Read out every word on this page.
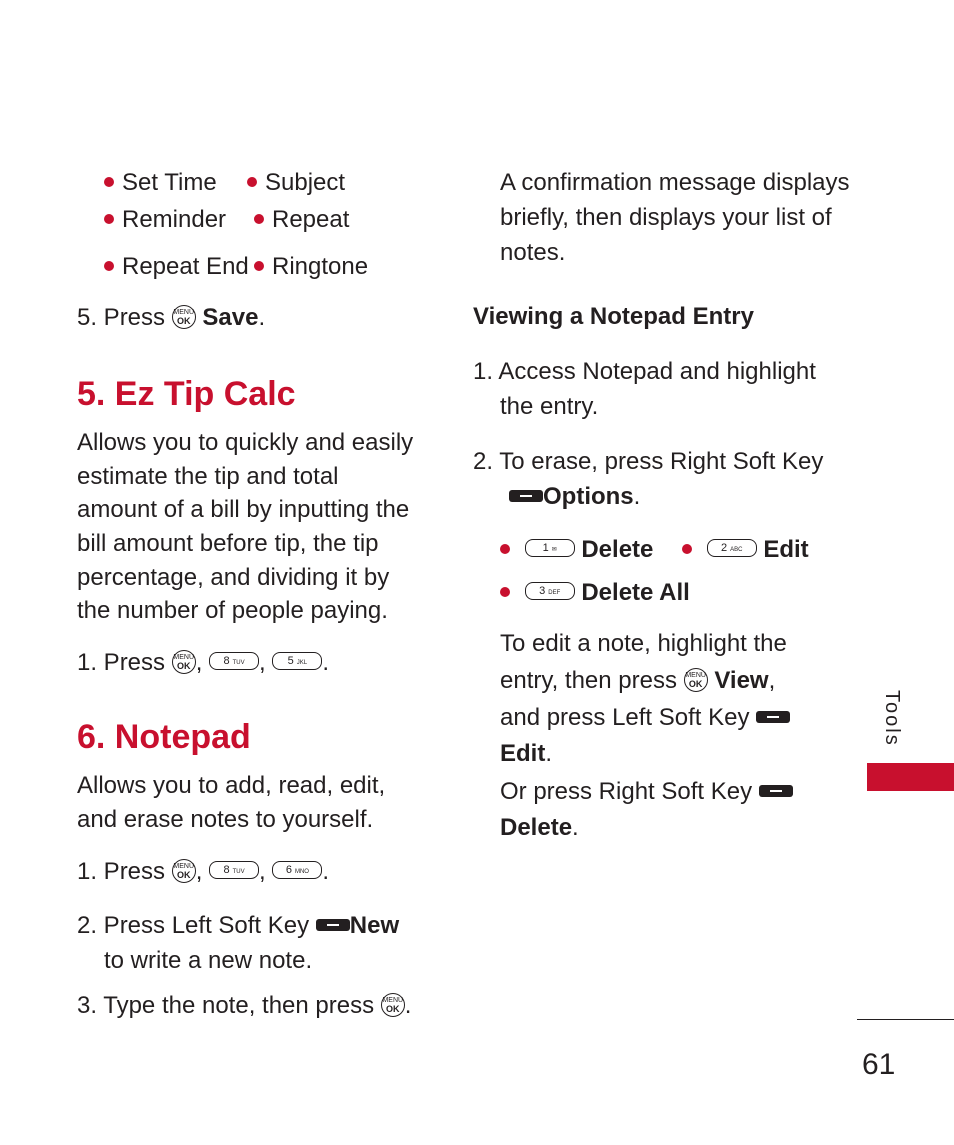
Set Time	Subject
Reminder	Repeat
Repeat End Ringtone
5. Press MENU
OK Save.
5. Ez Tip Calc
Allows you to quickly and easily
estimate the tip and total
amount of a bill by inputting the
bill amount before tip, the tip
percentage, and dividing it by
the number of people paying.
1. Press MENU
OK , 8 TUV , 5 JKL .
6. Notepad
Allows you to add, read, edit,
and erase notes to yourself.
1. Press MENU
OK , 8 TUV , 6 MNO .
2. Press Left Soft Key New
to write a new note.
3. Type the note, then press MENU
OK .
A confirmation message displays
briefly, then displays your list of
notes.
Viewing a Notepad Entry
1. Access Notepad and highlight
the entry.
2. To erase, press Right Soft Key
Options.
1 ✉ Delete	2 ABC Edit
3 DEF Delete All
To edit a note, highlight the
entry, then press MENU
OK View,
and press Left Soft Key
Edit.
Or press Right Soft Key
Delete.
Tools
61
